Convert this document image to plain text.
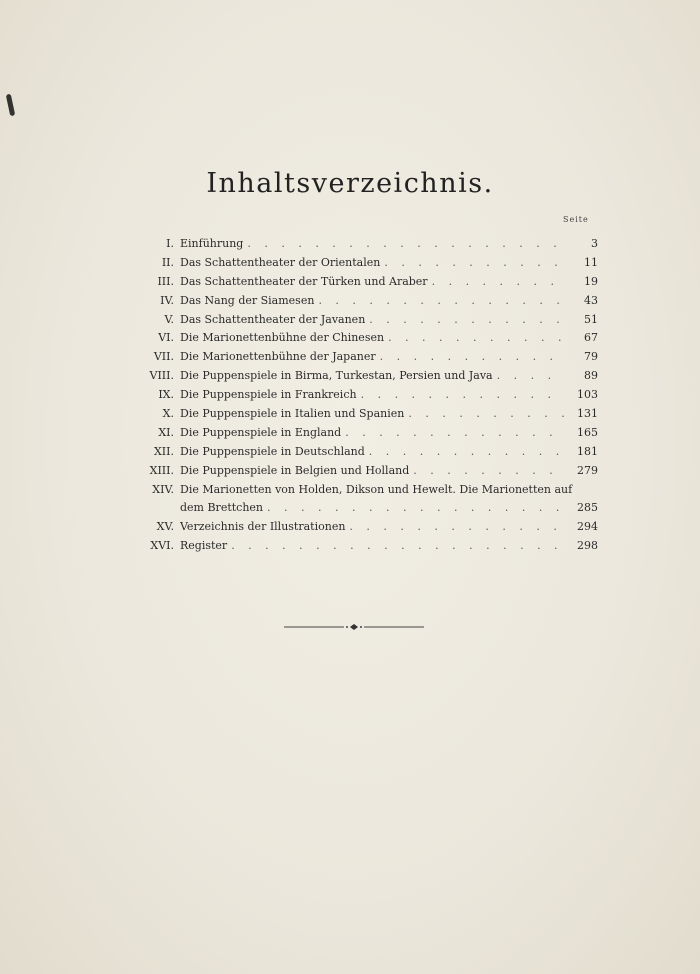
Inhaltsverzeichnis.
Seite
I. Einführung . . .	3
II. Das Schattentheater der Orientalen . . .	11
III. Das Schattentheater der Türken und Araber . . .	19
IV. Das Nang der Siamesen . . .	43
V. Das Schattentheater der Javanen . . .	51
VI. Die Marionettenbühne der Chinesen . . .	67
VII. Die Marionettenbühne der Japaner . . .	79
VIII. Die Puppenspiele in Birma, Turkestan, Persien und Java . . .	89
IX. Die Puppenspiele in Frankreich . . .	103
X. Die Puppenspiele in Italien und Spanien . . .	131
XI. Die Puppenspiele in England . . .	165
XII. Die Puppenspiele in Deutschland . . .	181
XIII. Die Puppenspiele in Belgien und Holland . . .	279
XIV. Die Marionetten von Holden, Dikson und Hewelt. Die Marionetten auf
dem Brettchen . . .	285
XV. Verzeichnis der Illustrationen . . .	294
XVI. Register . . .	298
